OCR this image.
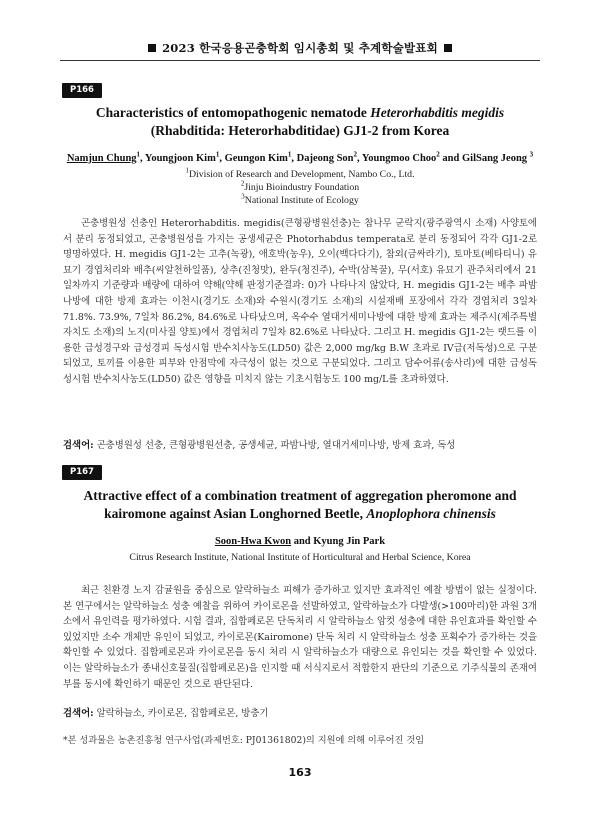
2023 한국응용곤충학회 임시총회 및 추계학술발표회
P166
Characteristics of entomopathogenic nematode Heterorhabditis megidis (Rhabditida: Heterorhabditidae) GJ1-2 from Korea
Namjun Chung$^1$, Youngjoon Kim$^1$, Geungon Kim$^1$, Dajeong Son$^2$, Youngmoo Choo$^2$ and GilSang Jeong $^3$
$^1$Division of Research and Development, Nambo Co., Ltd.
$^2$Jinju Bioindustry Foundation
$^3$National Institute of Ecology

곤충병원성 선충인 Heterorhabditis. megidis(큰형광병원선충)는 참나무 군락지(광주광역시 소재) 사양토에서 분리 동정되었고, 곤충병원성을 가지는 공생세균은 Photorhabdus temperata로 분리 동정되어 각각 GJ1-2로 명명하였다. H. megidis GJ1-2는 고추(녹광), 애호박(농우), 오이(백다다기), 참외(금싸라기), 토마토(베타티니) 유묘기 경엽처리와 배추(씨알천하일품), 상추(진청맛), 완두(청진주), 수박(삼복꿀), 무(서호) 유묘기 관주처리에서 21일차까지 기준량과 배량에 대하여 약해(약해 판정기준결과: 0)가 나타나지 않았다, H. megidis GJ1-2는 배추 파밤나방에 대한 방제 효과는 이천시(경기도 소재)와 수원시(경기도 소재)의 시설재배 포장에서 각각 경엽처리 3일차 71.8%. 73.9%, 7일차 86.2%, 84.6%로 나타났으며, 옥수수 열대거세미나방에 대한 방제 효과는 제주시(제주특별자치도 소재)의 노지(미사질 양토)에서 경엽처리 7일차 82.6%로 나타났다. 그리고 H. megidis GJ1-2는 랫드를 이용한 급성경구와 급성경피 독성시험 반수치사농도(LD50) 값은 2,000 mg/kg B.W 초과로 IV급(저독성)으로 구분되었고, 토끼를 이용한 피부와 안점막에 자극성이 없는 것으로 구분되었다. 그리고 담수어류(송사리)에 대한 급성독성시험 반수치사농도(LD50) 값은 영향을 미치지 않는 기초시험농도 100 mg/L를 초과하였다.

검색어: 곤충병원성 선충, 큰형광병원선충, 공생세균, 파밤나방, 열대거세미나방, 방제 효과, 독성
P167
Attractive effect of a combination treatment of aggregation pheromone and kairomone against Asian Longhorned Beetle, Anoplophora chinensis
Soon-Hwa Kwon and Kyung Jin Park
Citrus Research Institute, National Institute of Horticultural and Herbal Science, Korea

최근 친환경 노지 감귤원을 중심으로 알락하늘소 피해가 증가하고 있지만 효과적인 예찰 방법이 없는 실정이다. 본 연구에서는 알락하늘소 성충 예찰을 위하여 카이로몬을 선발하였고, 알락하늘소가 다발생(>100마리)한 과원 3개소에서 유인력을 평가하였다. 시험 결과, 집합페로몬 단독처리 시 알락하늘소 암컷 성충에 대한 유인효과를 확인할 수 있었지만 소수 개체만 유인이 되었고, 카이로몬(Kairomone) 단독 처리 시 알락하늘소 성충 포획수가 증가하는 것을 확인할 수 있었다. 집합페로몬과 카이로몬을 동시 처리 시 알락하늘소가 대량으로 유인되는 것을 확인할 수 있었다. 이는 알락하늘소가 종내신호물질(집합페로몬)을 인지할 때 서식지로서 적합한지 판단의 기준으로 기주식물의 존재여부를 동시에 확인하기 때문인 것으로 판단된다.

검색어: 알락하늘소, 카이로몬, 집합페로몬, 방충기
*본 성과물은 농촌진흥청 연구사업(과제번호: PJ01361802)의 지원에 의해 이루어진 것임
163
